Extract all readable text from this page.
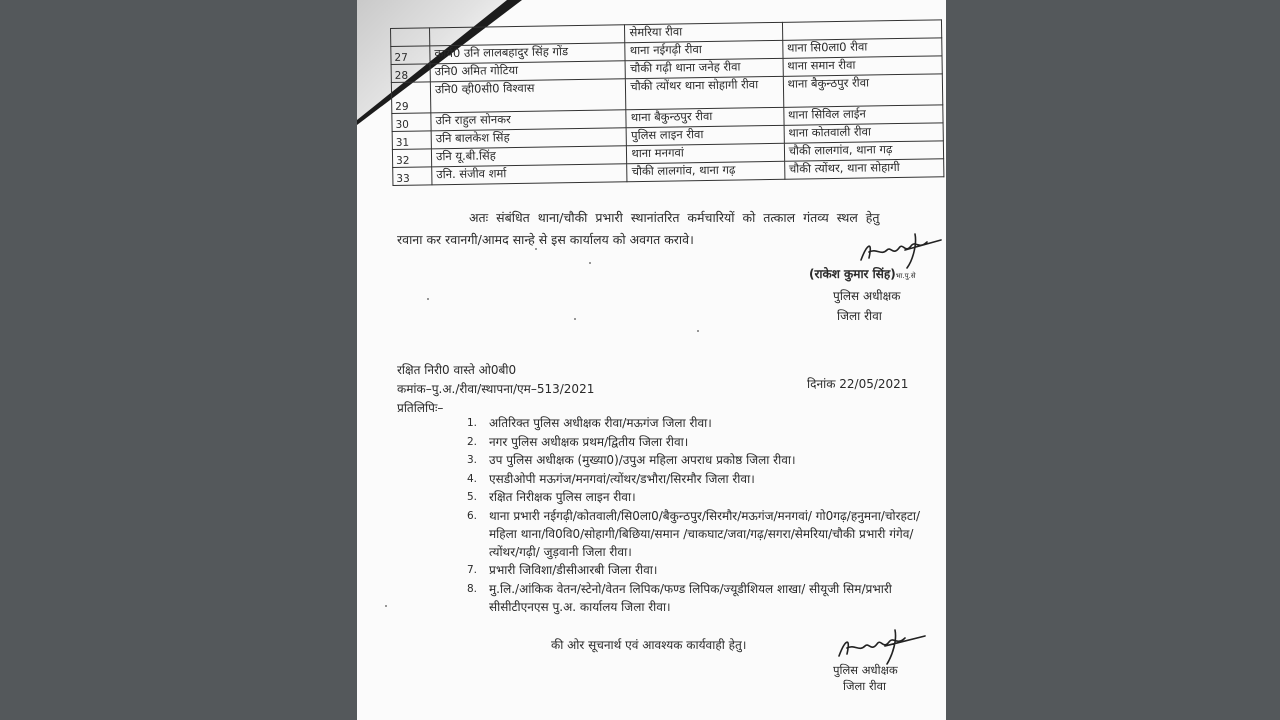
		सेमरिया रीवा	
27	कार्य0 उनि लालबहादुर सिंह गोंड	थाना नईगढ़ी रीवा	थाना सि0ला0 रीवा
28	उनि0 अमित गोटिया	चौकी गढ़ी थाना जनेह रीवा	थाना समान रीवा
29	उनि0 व्ही0सी0 विश्वास	चौकी त्योंथर थाना सोहागी रीवा	थाना बैकुन्ठपुर रीवा
30	उनि राहुल सोनकर	थाना बैकुन्ठपुर रीवा	थाना सिविल लाईन
31	उनि बालकेश सिंह	पुलिस लाइन रीवा	थाना कोतवाली रीवा
32	उनि यू.बी.सिंह	थाना मनगवां	चौकी लालगांव, थाना गढ़
33	उनि. संजीव शर्मा	चौकी लालगांव, थाना गढ़	चौकी त्योंथर, थाना सोहागी
अतः संबंधित थाना/चौकी प्रभारी स्थानांतरित कर्मचारियों को तत्काल गंतव्य स्थल हेतु
रवाना कर रवानगी/आमद सान्हे से इस कार्यालय को अवगत करावे।
(राकेश कुमार सिंह)भा.पु.से
पुलिस अधीक्षक
जिला रीवा
रक्षित निरी0 वास्ते ओ0बी0
कमांक–पु.अ./रीवा/स्थापना/एम–513/2021	दिनांक 22/05/2021
प्रतिलिपिः–
1. अतिरिक्त पुलिस अधीक्षक रीवा/मऊगंज जिला रीवा।
2. नगर पुलिस अधीक्षक प्रथम/द्वितीय जिला रीवा।
3. उप पुलिस अधीक्षक (मुख्या0)/उपुअ महिला अपराध प्रकोष्ठ जिला रीवा।
4. एसडीओपी मऊगंज/मनगवां/त्योंथर/डभौरा/सिरमौर जिला रीवा।
5. रक्षित निरीक्षक पुलिस लाइन रीवा।
6. थाना प्रभारी नईगढ़ी/कोतवाली/सि0ला0/बैकुन्ठपुर/सिरमौर/मऊगंज/मनगवां/ गो0गढ़/हनुमना/चोरहटा/महिला थाना/वि0वि0/सोहागी/बिछिया/समान /चाकघाट/जवा/गढ़/सगरा/सेमरिया/चौकी प्रभारी गंगेव/त्योंथर/गढ़ी/ जुड़वानी जिला रीवा।
7. प्रभारी जिविशा/डीसीआरबी जिला रीवा।
8. मु.लि./आंकिक वेतन/स्टेनो/वेतन लिपिक/फण्ड लिपिक/ज्यूडीशियल शाखा/ सीयूजी सिम/प्रभारी सीसीटीएनएस पु.अ. कार्यालय जिला रीवा।
की ओर सूचनार्थ एवं आवश्यक कार्यवाही हेतु।
पुलिस अधीक्षक
जिला रीवा
